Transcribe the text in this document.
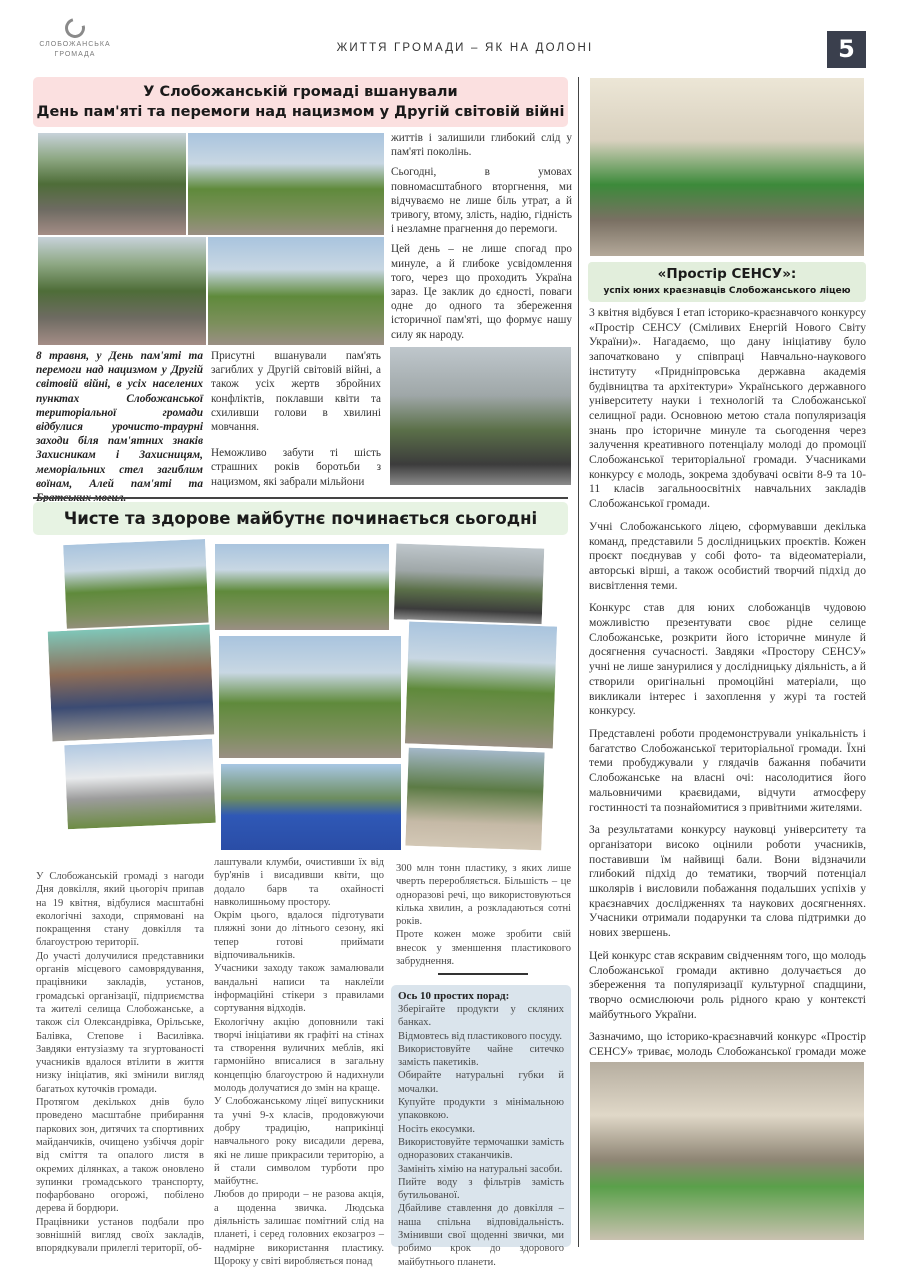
СЛОБОЖАНСЬКА
ГРОМАДА
ЖИТТЯ ГРОМАДИ – ЯК НА ДОЛОНІ	5
У Слобожанській громаді вшанували
День пам'яті та перемоги над нацизмом у Другій світовій війні

8 травня, у День пам'яті та перемоги над нацизмом у Другій світовій війні, в усіх населених пунктах Слобожанської територіальної громади відбулися урочисто-траурні заходи біля пам'ятних знаків Захисникам і Захисницям, меморіальних стел загиблим воїнам, Алей пам'яті та

Присутні вшанували пам'ять загиблих у Другій світовій війні, а також усіх жертв збройних конфліктів, поклавши квіти та схиливши голови в хвилині мовчання.

Неможливо забути ті шість страшних років боротьби з нацизмом, які забрали мільйони

життів і залишили глибокий слід у пам'яті поколінь.

Сьогодні, в умовах повномасштабного вторгнення, ми відчуваємо не лише біль утрат, а й тривогу, втому, злість, надію, гідність і незламне прагнення до перемоги.

Цей день – не лише спогад про минуле, а й глибоке усвідомлення того, через що проходить Україна зараз. Це заклик до єдності, поваги одне до одного та збереження історичної пам'яті, що формує нашу силу як народу.

Чисте та здорове майбутнє починається сьогодні

У Слобожанській громаді з нагоди Дня довкілля, який цьогоріч припав на 19 квітня, відбулися масштабні екологічні заходи, спрямовані на покращення стану довкілля та благоустрою території.

До участі долучилися представники органів місцевого самоврядування, працівники закладів, установ, громадські організації, підприємства та жителі селища Слобожанське, а також сіл Олександрівка, Орільське, Балівка, Степове і Василівка. Завдяки ентузіазму та згуртованості учасників вдалося втілити в життя низку ініціатив, які змінили вигляд багатьох куточків громади.

Протягом декількох днів було проведено масштабне прибирання паркових зон, дитячих та спортивних майданчиків, очищено узбіччя доріг від сміття та опалого листя в окремих ділянках, а також оновлено зупинки громадського транспорту, пофарбовано огорожі, побілено дерева й бордюри.

Працівники установ подбали про зовнішній вигляд своїх закладів, впорядкували прилеглі території, об-

лаштували клумби, очистивши їх від бур'янів і висадивши квіти, що додало барв та охайності навколишньому простору.

Окрім цього, вдалося підготувати пляжні зони до літнього сезону, які тепер готові приймати відпочивальників.

Учасники заходу також замалювали вандальні написи та наклеїли інформаційні стікери з правилами сортування відходів.

Екологічну акцію доповнили такі творчі ініціативи як графіті на стінах та створення вуличних меблів, які гармонійно вписалися в загальну концепцію благоустрою й надихнули молодь долучатися до змін на краще.

У Слобожанському ліцеї випускники та учні 9-х класів, продовжуючи добру традицію, наприкінці навчального року висадили дерева, які не лише прикрасили територію, а й стали символом турботи про майбутнє.

Любов до природи – не разова акція, а щоденна звичка. Людська діяльність залишає помітний слід на планеті, і серед головних екозагроз – надмірне використання пластику. Щороку у світі виробляється понад

300 млн тонн пластику, з яких лише чверть переробляється. Більшість – це одноразові речі, що використовуються кілька хвилин, а розкладаються сотні років.

Проте кожен може зробити свій внесок у зменшення пластикового забруднення.

Ось 10 простих порад:

Зберігайте продукти у скляних банках.

Відмовтесь від пластикового посуду.

Використовуйте чайне ситечко замість пакетиків.

Обирайте натуральні губки й мочалки.

Купуйте продукти з мінімальною упаковкою.

Носіть екосумки.

Використовуйте термочашки замість одноразових стаканчиків.

Замініть хімію на натуральні засоби.

Пийте воду з фільтрів замість бутильованої.

Дбайливе ставлення до довкілля – наша спільна відповідальність. Змінивши свої щоденні звички, ми робимо крок до здорового майбутнього планети.

«Простір СЕНСУ»:
успіх юних краєзнавців Слобожанського ліцею

3 квітня відбувся I етап історико-краєзнавчого конкурсу «Простір СЕНСУ (Сміливих Енергій Нового Світу України)». Нагадаємо, що дану ініціативу було започатковано у співпраці Навчально-наукового інституту «Придніпровська державна академія будівництва та архітектури» Українського державного університету науки і технологій та Слобожанської селищної ради. Основною метою стала популяризація знань про історичне минуле та сьогодення через залучення креативного потенціалу молоді до промоції Слобожанської територіальної громади. Учасниками конкурсу є молодь, зокрема здобувачі освіти 8-9 та 10-11 класів загальноосвітніх навчальних закладів Слобожанської громади.

Учні Слобожанського ліцею, сформувавши декілька команд, представили 5 дослідницьких проєктів. Кожен проєкт поєднував у собі фото- та відеоматеріали, авторські вірші, а також особистий творчий підхід до висвітлення теми.

Конкурс став для юних слобожанців чудовою можливістю презентувати своє рідне селище Слобожанське, розкрити його історичне минуле й досягнення сучасності. Завдяки «Простору СЕНСУ» учні не лише занурилися у дослідницьку діяльність, а й створили оригінальні промоційні матеріали, що викликали інтерес і захоплення у журі та гостей конкурсу.

Представлені роботи продемонстрували унікальність і багатство Слобожанської територіальної громади. Їхні теми пробуджували у глядачів бажання побачити Слобожанське на власні очі: насолодитися його мальовничими краєвидами, відчути атмосферу гостинності та познайомитися з привітними жителями.

За результатами конкурсу науковці університету та організатори високо оцінили роботи учасників, поставивши їм найвищі бали. Вони відзначили глибокий підхід до тематики, творчий потенціал школярів і висловили побажання подальших успіхів у краєзнавчих дослідженнях та наукових досягненнях. Учасники отримали подарунки та слова підтримки до нових звершень.

Цей конкурс став яскравим свідченням того, що молодь Слобожанської громади активно долучається до збереження та популяризації культурної спадщини, творчо осмислюючи роль рідного краю у контексті майбутнього України.

Зазначимо, що історико-краєзнавчий конкурс «Простір СЕНСУ» триває, молодь Слобожанської громади може
